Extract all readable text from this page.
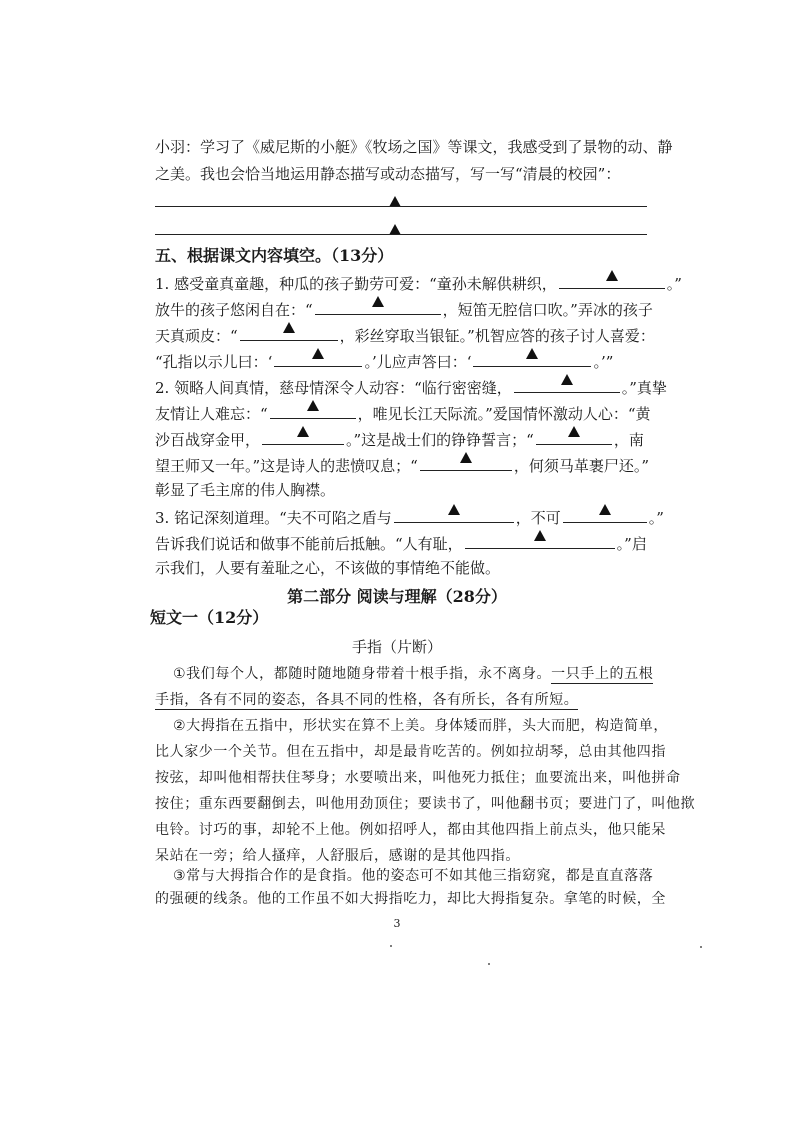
小羽：学习了《威尼斯的小艇》《牧场之国》等课文，我感受到了景物的动、静
之美。我也会恰当地运用静态描写或动态描写，写一写“清晨的校园”：
五、根据课文内容填空。（13分）
1. 感受童真童趣，种瓜的孩子勤劳可爱：“童孙未解供耕织，	。”
放牛的孩子悠闲自在：“	，短笛无腔信口吹。”弄冰的孩子
天真顽皮：“	，彩丝穿取当银钲。”机智应答的孩子讨人喜爱：
“孔指以示儿曰：‘	。’儿应声答曰：‘	。’”
2. 领略人间真情，慈母情深令人动容：“临行密密缝，	。”真挚
友情让人难忘：“	，唯见长江天际流。”爱国情怀激动人心：“黄
沙百战穿金甲，	。”这是战士们的铮铮誓言；“	，南
望王师又一年。”这是诗人的悲愤叹息；“	，何须马革裹尸还。”
彰显了毛主席的伟人胸襟。
3. 铭记深刻道理。“夫不可陷之盾与	，不可	。”
告诉我们说话和做事不能前后抵触。“人有耻，	。”启
示我们，人要有羞耻之心，不该做的事情绝不能做。
第二部分 阅读与理解（28分）
短文一（12分）
手指（片断）
①我们每个人，都随时随地随身带着十根手指，永不离身。一只手上的五根
手指，各有不同的姿态，各具不同的性格，各有所长，各有所短。
②大拇指在五指中，形状实在算不上美。身体矮而胖，头大而肥，构造简单，
比人家少一个关节。但在五指中，却是最肯吃苦的。例如拉胡琴，总由其他四指
按弦，却叫他相帮扶住琴身；水要喷出来，叫他死力抵住；血要流出来，叫他拼命
按住；重东西要翻倒去，叫他用劲顶住；要读书了，叫他翻书页；要进门了，叫他揿
电铃。讨巧的事，却轮不上他。例如招呼人，都由其他四指上前点头，他只能呆
呆站在一旁；给人搔痒，人舒服后，感谢的是其他四指。
③常与大拇指合作的是食指。他的姿态可不如其他三指窈窕，都是直直落落
的强硬的线条。他的工作虽不如大拇指吃力，却比大拇指复杂。拿笔的时候，全
3
